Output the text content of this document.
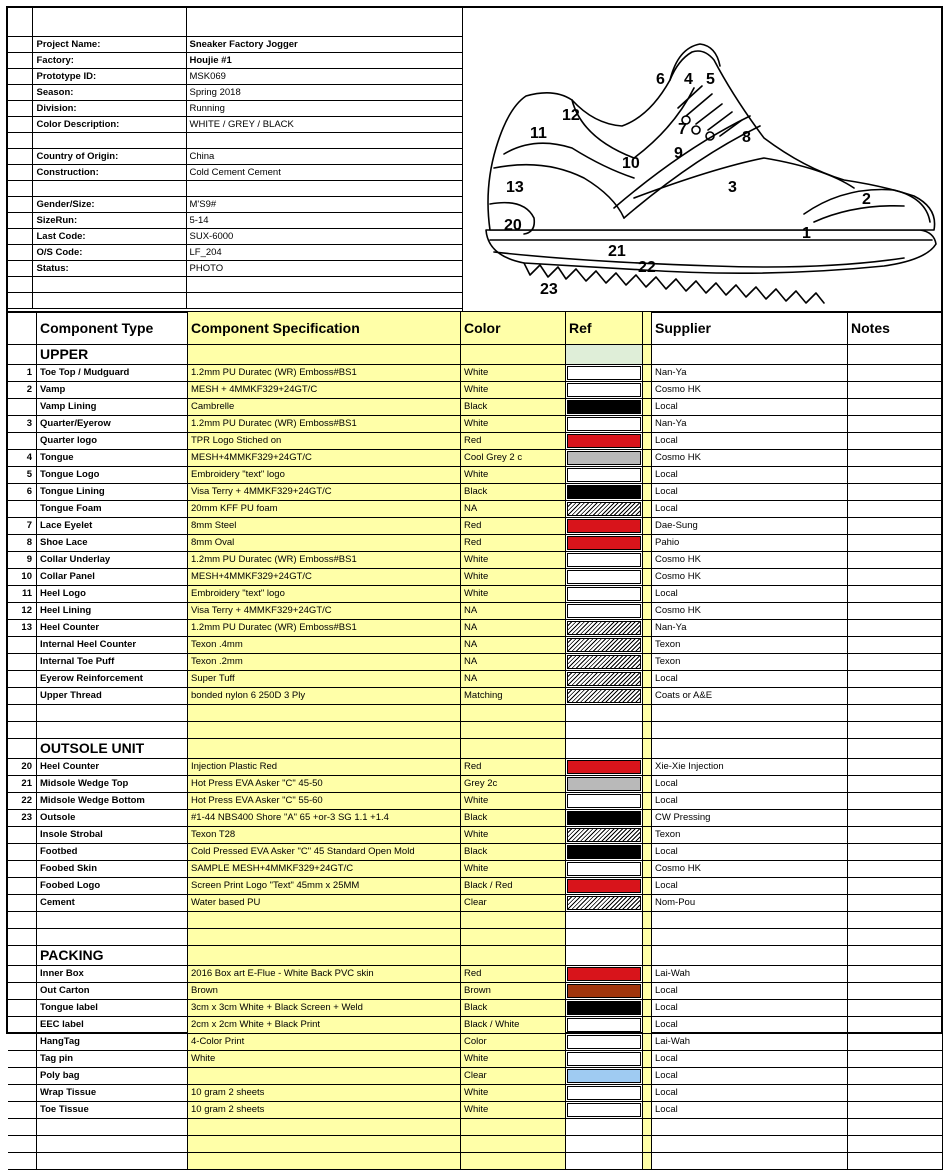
	Project Name:	Sneaker Factory Jogger
	Factory:	Houjie #1
	Prototype ID:	MSK069
	Season:	Spring 2018
	Division:	Running
	Color Description:	WHITE / GREY / BLACK

	Country of Origin:	China
	Construction:	Cold Cement Cement

	Gender/Size:	M'S9#
	SizeRun:	5-14
	Last Code:	SUX-6000
	O/S Code:	LF_204
	Status:	PHOTO

6 4 5
12
11	7	8
9
10
3
13
2
20	1
21
22
23
	Component Type	Component Specification	Color	Ref		Supplier	Notes
	UPPER						
1	Toe Top / Mudguard	1.2mm PU Duratec (WR) Emboss#BS1	White			Nan-Ya	
2	Vamp	MESH + 4MMKF329+24GT/C	White			Cosmo HK	
	Vamp Lining	Cambrelle	Black			Local	
3	Quarter/Eyerow	1.2mm PU Duratec (WR) Emboss#BS1	White			Nan-Ya	
	Quarter logo	TPR Logo Stiched on	Red			Local	
4	Tongue	MESH+4MMKF329+24GT/C	Cool Grey 2 c			Cosmo HK	
5	Tongue Logo	Embroidery "text" logo	White			Local	
6	Tongue Lining	Visa Terry + 4MMKF329+24GT/C	Black			Local	
	Tongue Foam	20mm KFF PU foam	NA			Local	
7	Lace Eyelet	8mm Steel	Red			Dae-Sung	
8	Shoe Lace	8mm Oval	Red			Pahio	
9	Collar Underlay	1.2mm PU Duratec (WR) Emboss#BS1	White			Cosmo HK	
10	Collar Panel	MESH+4MMKF329+24GT/C	White			Cosmo HK	
11	Heel Logo	Embroidery "text" logo	White			Local	
12	Heel Lining	Visa Terry + 4MMKF329+24GT/C	NA			Cosmo HK	
13	Heel Counter	1.2mm PU Duratec (WR) Emboss#BS1	NA			Nan-Ya	
	Internal Heel Counter	Texon .4mm	NA			Texon	
	Internal Toe Puff	Texon .2mm	NA			Texon	
	Eyerow Reinforcement	Super Tuff	NA			Local	
	Upper Thread	bonded nylon 6 250D 3 Ply	Matching			Coats or A&E	

	OUTSOLE UNIT						
20	Heel Counter	Injection Plastic Red	Red			Xie-Xie Injection	
21	Midsole Wedge Top	Hot Press EVA Asker "C" 45-50	Grey 2c			Local	
22	Midsole Wedge Bottom	Hot Press EVA Asker "C" 55-60	White			Local	
23	Outsole	#1-44 NBS400 Shore "A" 65 +or-3 SG 1.1 +1.4	Black			CW Pressing	
	Insole Strobal	Texon T28	White			Texon	
	Footbed	Cold Pressed EVA Asker "C" 45 Standard Open Mold	Black			Local	
	Foobed Skin	SAMPLE MESH+4MMKF329+24GT/C	White			Cosmo HK	
	Foobed Logo	Screen Print Logo "Text" 45mm x 25MM	Black / Red			Local	
	Cement	Water based PU	Clear			Nom-Pou	

	PACKING						
	Inner Box	2016 Box art E-Flue - White Back PVC skin	Red			Lai-Wah	
	Out Carton	Brown	Brown			Local	
	Tongue label	3cm x 3cm White + Black Screen + Weld	Black			Local	
	EEC label	2cm x 2cm White + Black Print	Black / White			Local	
	HangTag	4-Color Print	Color			Lai-Wah	
	Tag pin	White	White			Local	
	Poly bag		Clear			Local	
	Wrap Tissue	10 gram 2 sheets	White			Local	
	Toe Tissue	10 gram 2 sheets	White			Local	
